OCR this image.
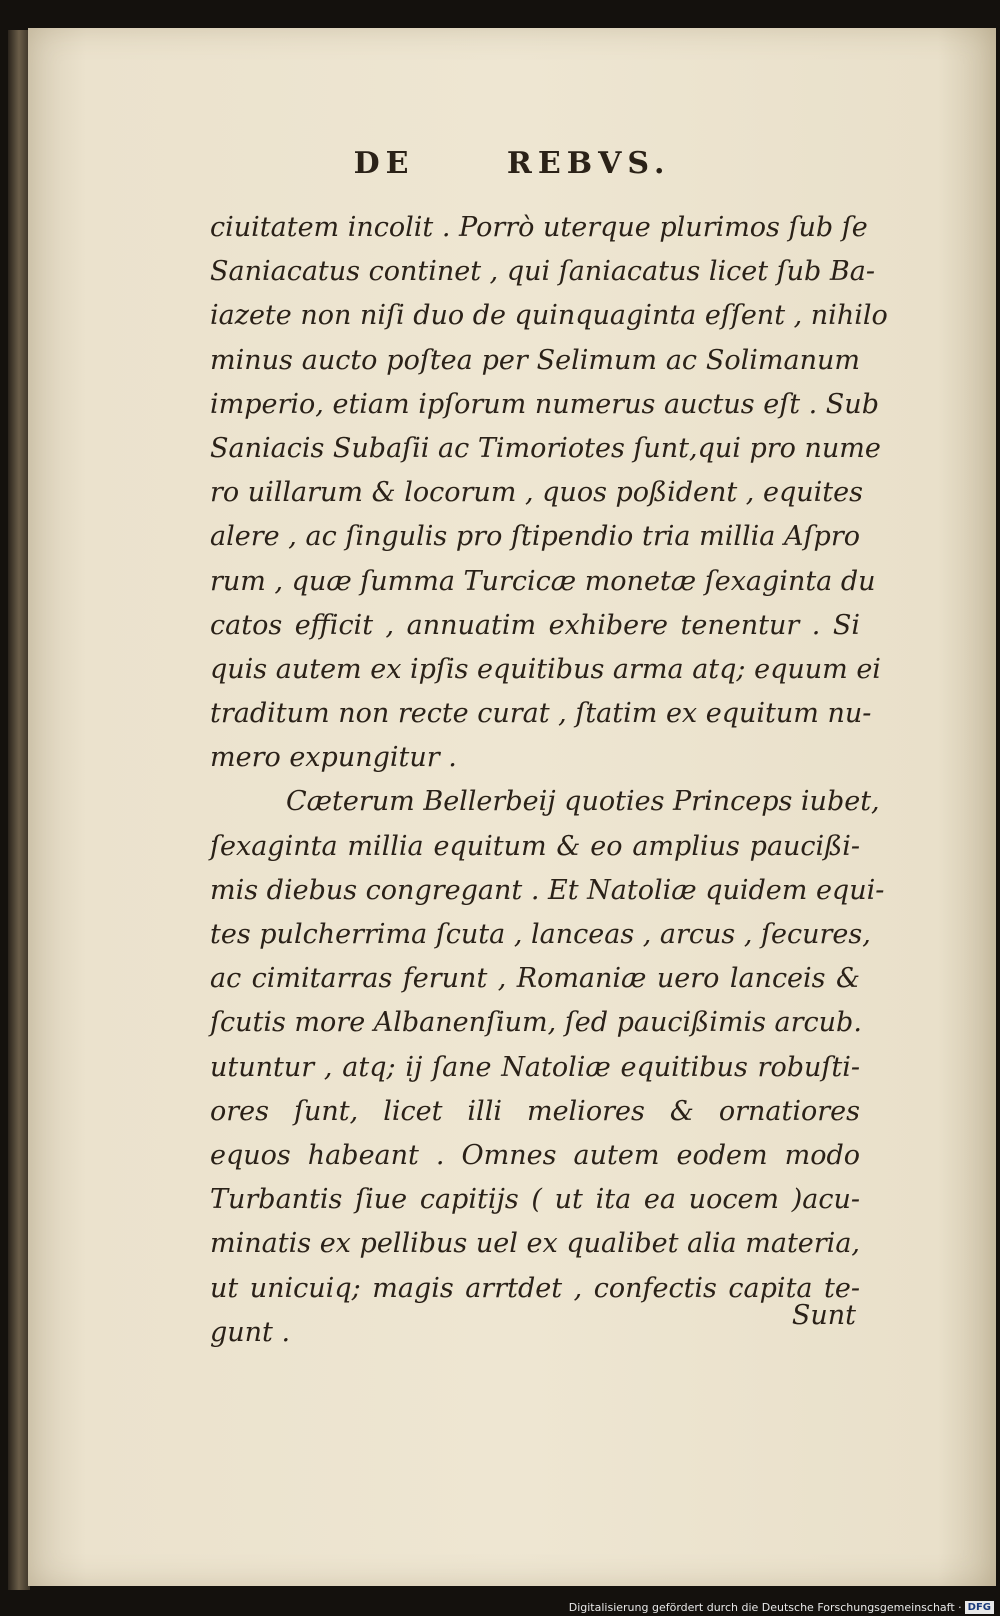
DE	REBVS.
ciuitatem incolit . Porrò uterque plurimos ſub ſe
Saniacatus continet , qui ſaniacatus licet ſub Ba-
iazete non niſi duo de quinquaginta eſſent , nihilo
minus aucto poſtea per Selimum ac Solimanum
imperio, etiam ipſorum numerus auctus eſt . Sub
Saniacis Subaſii ac Timoriotes ſunt,qui pro nume
ro uillarum & locorum , quos poßident , equites
alere , ac ſingulis pro ſtipendio tria millia Aſpro
rum , quæ ſumma Turcicæ monetæ ſexaginta du
catos efficit , annuatim exhibere tenentur . Si
quis autem ex ipſis equitibus arma atq; equum ei
traditum non recte curat , ſtatim ex equitum nu-
mero expungitur .
Cæterum Bellerbeij quoties Princeps iubet,
ſexaginta millia equitum & eo amplius paucißi-
mis diebus congregant . Et Natoliæ quidem equi-
tes pulcherrima ſcuta , lanceas , arcus , ſecures,
ac cimitarras ferunt , Romaniæ uero lanceis &
ſcutis more Albanenſium, ſed paucißimis arcub.
utuntur , atq; ij ſane Natoliæ equitibus robuſti-
ores ſunt, licet illi meliores & ornatiores
equos habeant . Omnes autem eodem modo
Turbantis ſiue capitijs ( ut ita ea uocem )acu-
minatis ex pellibus uel ex qualibet alia materia,
ut unicuiq; magis arrtdet , confectis capita te-
gunt .
Sunt
Digitalisierung gefördert durch die Deutsche Forschungsgemeinschaft · DFG
